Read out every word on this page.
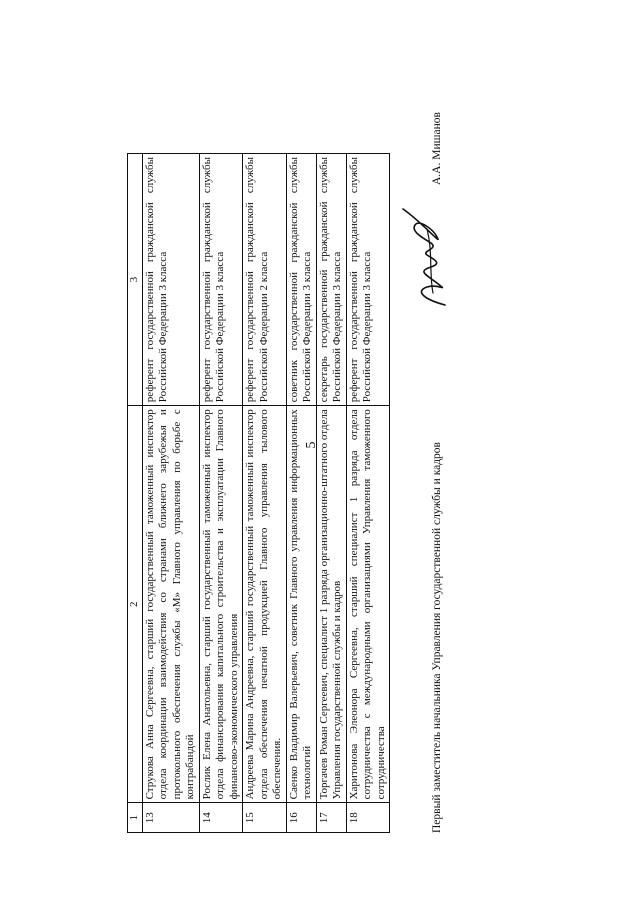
5
1	2	3
13	Струкова Анна Сергеевна, старший государственный таможенный инспектор отдела координации взаимодействия со странами ближнего зарубежья и протокольного обеспечения службы «М» Главного управления по борьбе с контрабандой	референт государственной гражданской службы Российской Федерации 3 класса
14	Рослик Елена Анатольевна, старший государственный таможенный инспектор отдела финансирования капитального строительства и эксплуатации Главного финансово-экономического управления	референт государственной гражданской службы Российской Федерации 3 класса
15	Андреева Марина Андреевна, старший государственный таможенный инспектор отдела обеспечения печатной продукцией Главного управления тылового обеспечения.	референт государственной гражданской службы Российской Федерации 2 класса
16	Саенко Владимир Валерьевич, советник Главного управления информационных технологий	советник государственной гражданской службы Российской Федерации 3 класса
17	Торгачев Роман Сергеевич, специалист 1 разряда организационно-штатного отдела Управления государственной службы и кадров	секретарь государственной гражданской службы Российской Федерации 3 класса
18	Харитонова Элеонора Сергеевна, старший специалист 1 разряда отдела сотрудничества с международными организациями Управления таможенного сотрудничества	референт государственной гражданской службы Российской Федерации 3 класса
Первый заместитель начальника Управления государственной службы и кадров
А.А. Мишанов
